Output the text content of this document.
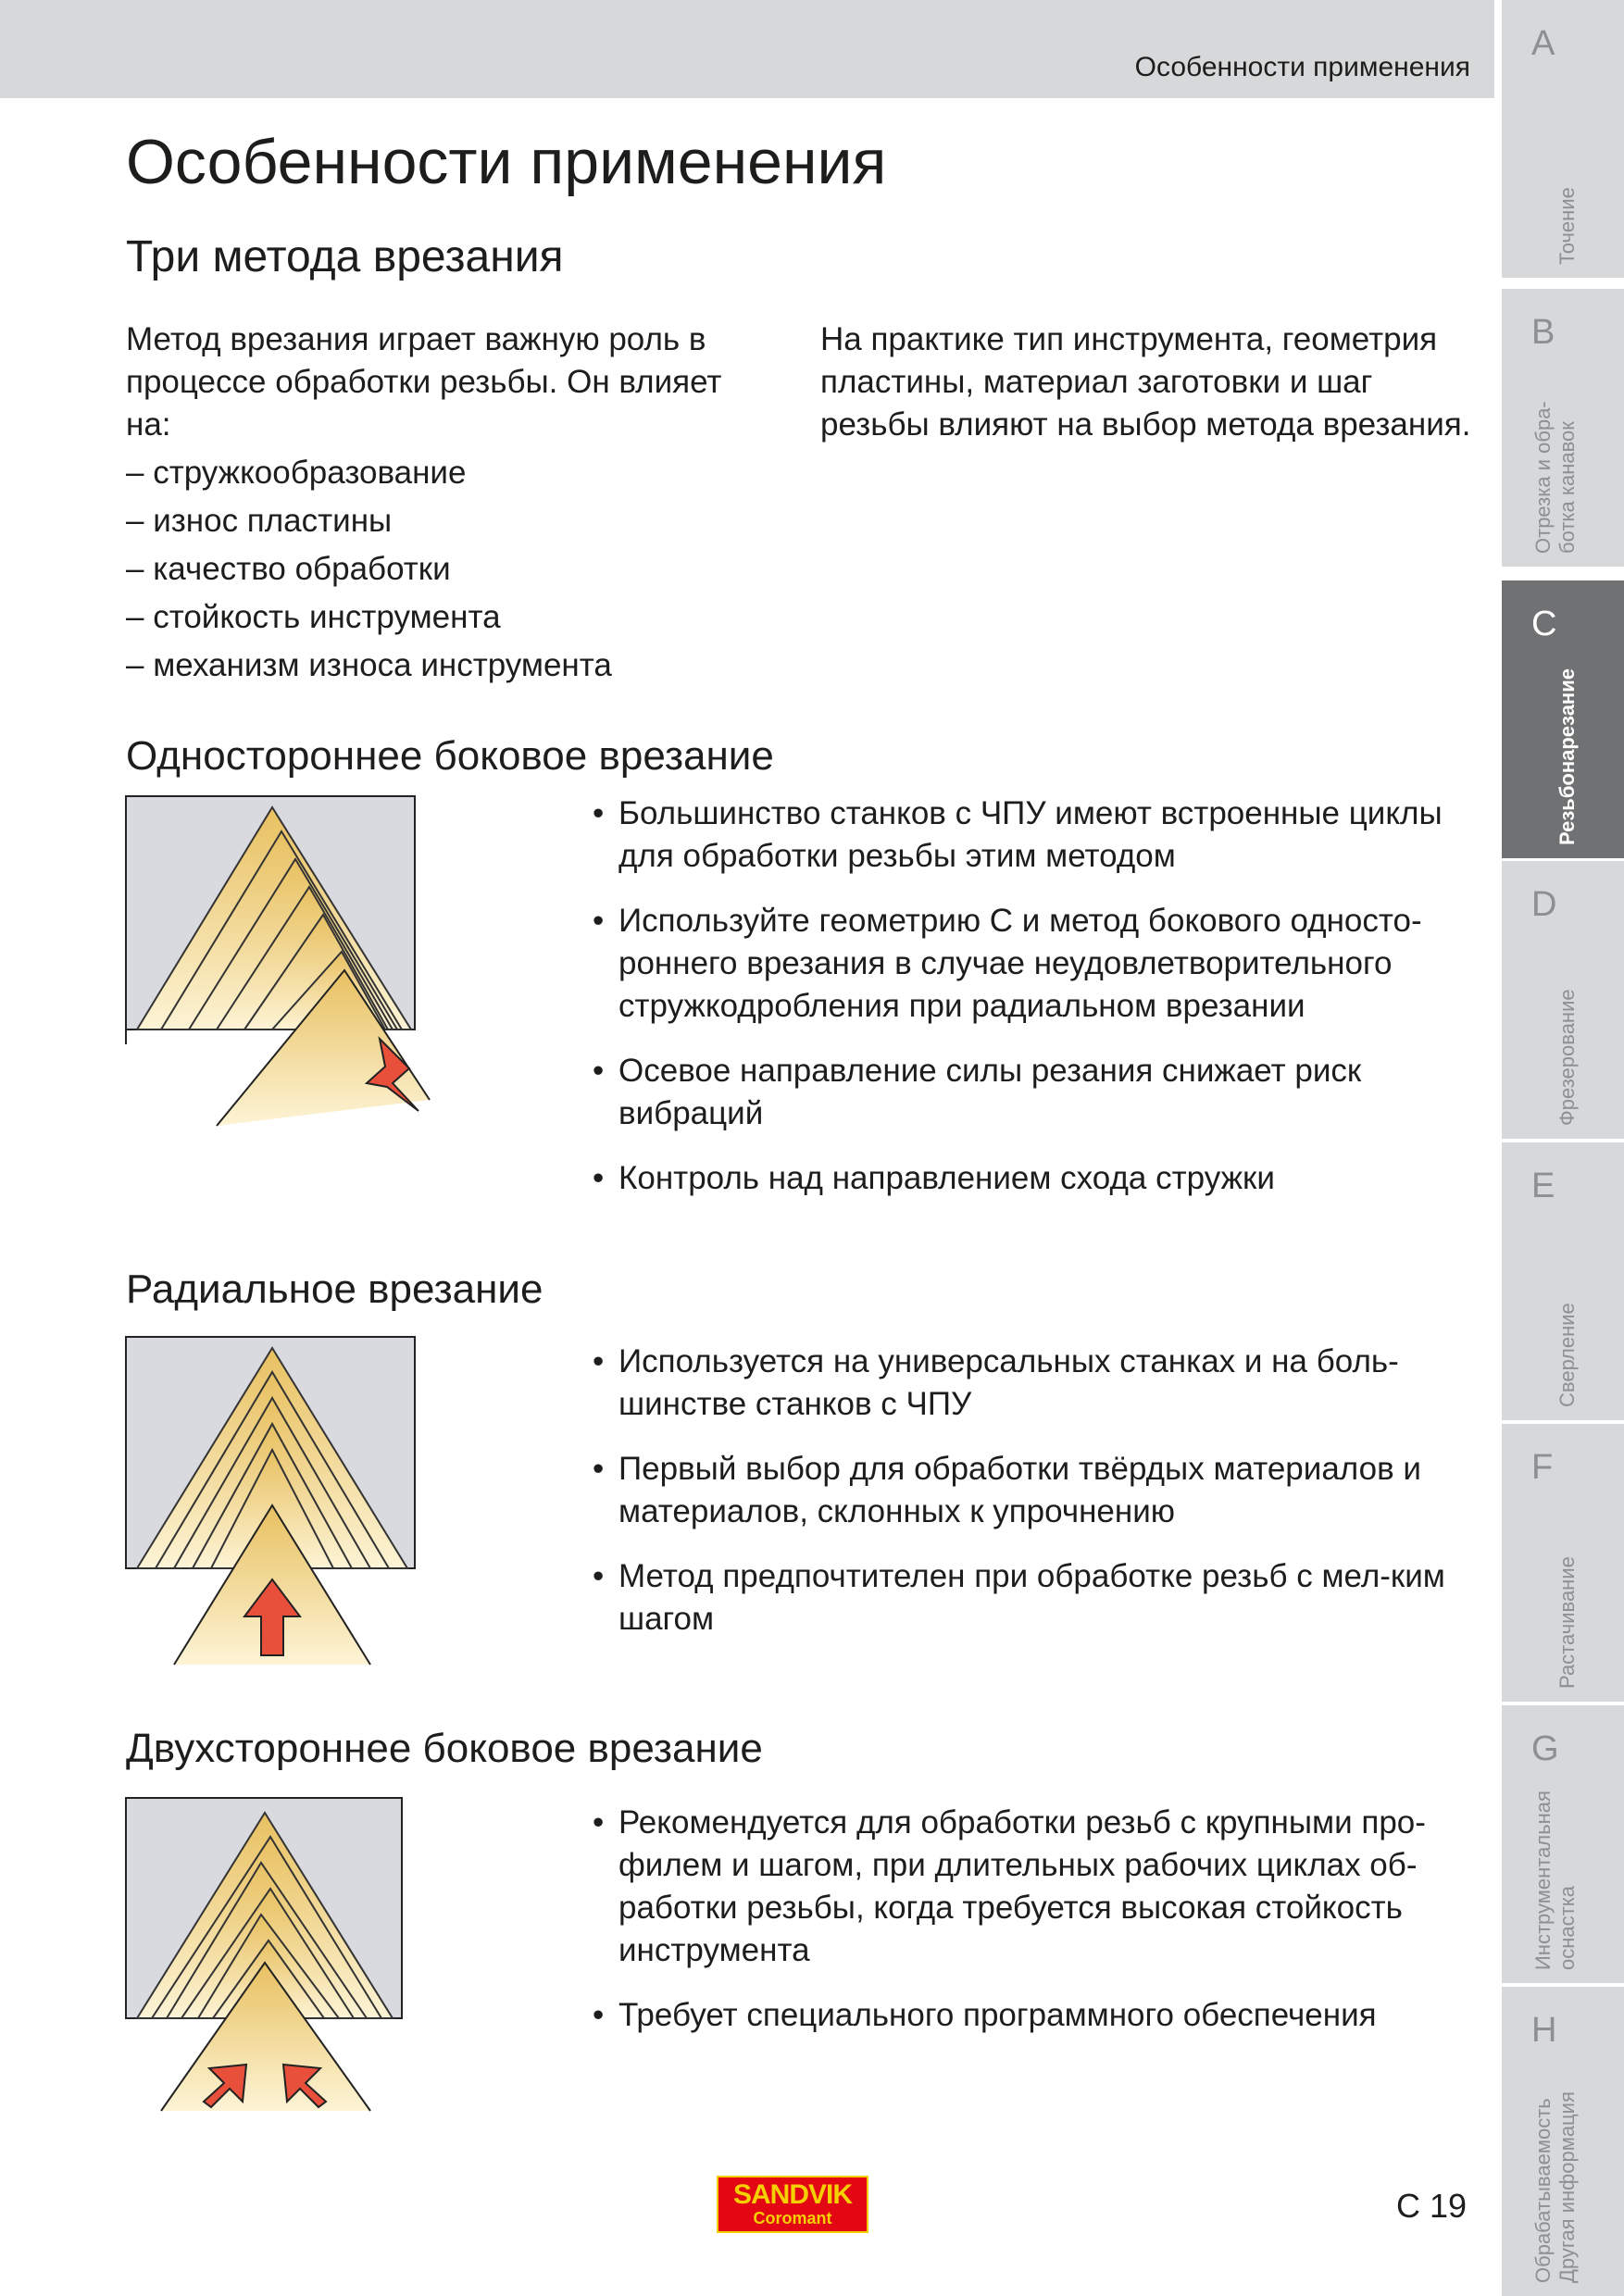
Особенности применения
A
Точение
B
Отрезка и обра-
ботка канавок
C
Резьбонарезание
D
Фрезерование
E
Сверление
F
Растачивание
G
Инструментальная
оснастка
H
Обрабатываемость
Другая информация
Особенности применения
Три метода врезания
Метод врезания играет важную роль в процессе обработки резьбы. Он влияет на:
– стружкообразование
– износ пластины
– качество обработки
– стойкость инструмента
– механизм износа инструмента
На практике тип инструмента, геометрия пластины, материал заготовки и шаг резьбы влияют на выбор метода врезания.
Одностороннее боковое врезание
• Большинство станков с ЧПУ имеют встроенные циклы для обработки резьбы этим методом
• Используйте геометрию C и метод бокового односто-роннего врезания в случае неудовлетворительного стружкодробления при радиальном врезании
• Осевое направление силы резания снижает риск вибраций
• Контроль над направлением схода стружки
Радиальное врезание
• Используется на универсальных станках и на боль-шинстве станков с ЧПУ
• Первый выбор для обработки твёрдых материалов и материалов, склонных к упрочнению
• Метод предпочтителен при обработке резьб с мел-ким шагом
Двухстороннее боковое врезание
• Рекомендуется для обработки резьб с крупными про-филем и шагом, при длительных рабочих циклах об-работки резьбы, когда требуется высокая стойкость инструмента
• Требует специального программного обеспечения
SANDVIK
Coromant	C 19
